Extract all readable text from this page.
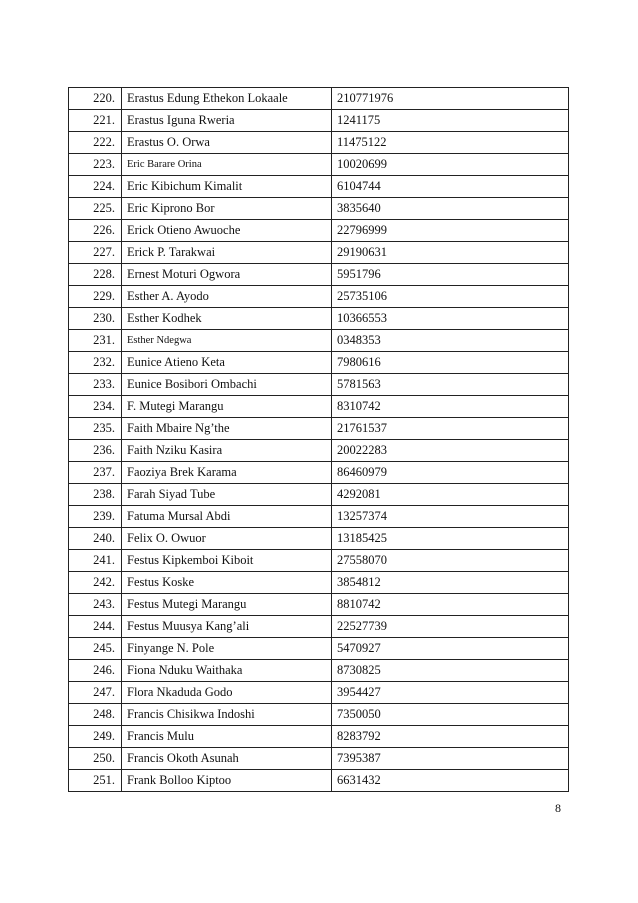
220.	Erastus Edung Ethekon Lokaale	210771976
221.	Erastus Iguna Rweria	1241175
222.	Erastus O. Orwa	11475122
223.	Eric Barare Orina	10020699
224.	Eric Kibichum Kimalit	6104744
225.	Eric Kiprono Bor	3835640
226.	Erick Otieno Awuoche	22796999
227.	Erick P. Tarakwai	29190631
228.	Ernest Moturi Ogwora	5951796
229.	Esther A. Ayodo	25735106
230.	Esther Kodhek	10366553
231.	Esther Ndegwa	0348353
232.	Eunice Atieno Keta	7980616
233.	Eunice Bosibori Ombachi	5781563
234.	F. Mutegi Marangu	8310742
235.	Faith Mbaire Ng’the	21761537
236.	Faith Nziku Kasira	20022283
237.	Faoziya Brek Karama	86460979
238.	Farah Siyad Tube	4292081
239.	Fatuma Mursal Abdi	13257374
240.	Felix O. Owuor	13185425
241.	Festus Kipkemboi Kiboit	27558070
242.	Festus Koske	3854812
243.	Festus Mutegi Marangu	8810742
244.	Festus Muusya Kang’ali	22527739
245.	Finyange N. Pole	5470927
246.	Fiona Nduku Waithaka	8730825
247.	Flora Nkaduda Godo	3954427
248.	Francis Chisikwa Indoshi	7350050
249.	Francis Mulu	8283792
250.	Francis Okoth Asunah	7395387
251.	Frank Bolloo Kiptoo	6631432
8
